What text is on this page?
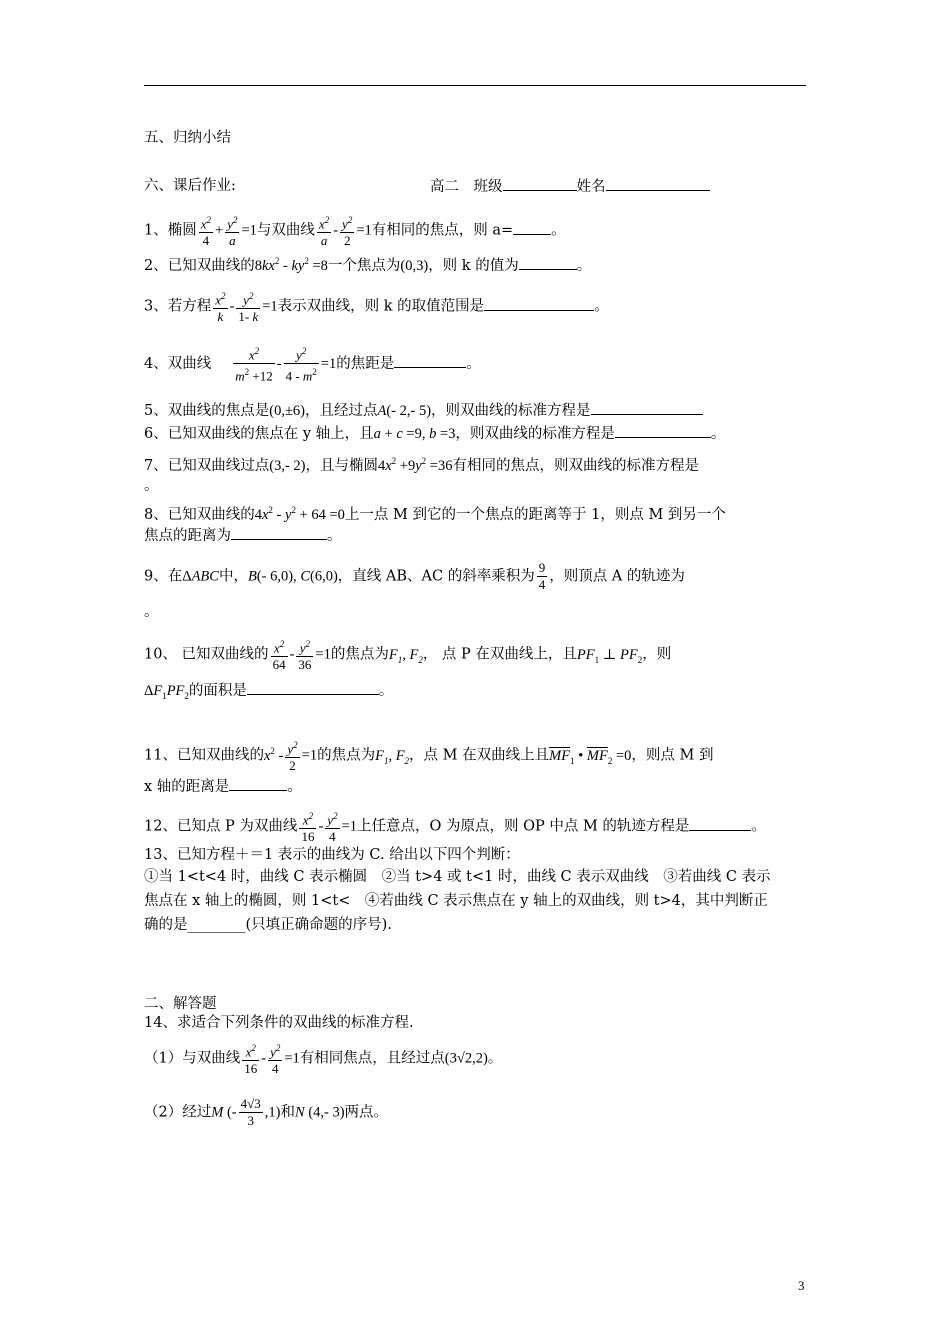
五、归纳小结
六、课后作业:	高二　班级	姓名
1、椭圆 $\frac{x^2}{4} + \frac{y^2}{a} =1$与双曲线 $\frac{x^2}{a} - \frac{y^2}{2} =1$有相同的焦点，则 a=	。
2、已知双曲线的$8kx^2 - ky^2 =8$一个焦点为(0,3)，则 k 的值为	。
3、若方程 $\frac{x^2}{k} - \frac{y^2}{1- k} =1$表示双曲线，则 k 的取值范围是	。
4、双曲线 $\frac{x^2}{m^2 +12} - \frac{y^2}{4 - m^2} =1$的焦距是	。
5、双曲线的焦点是(0,±6)，且经过点A(- 2,- 5)，则双曲线的标准方程是
6、已知双曲线的焦点在 y 轴上，且a + c =9, b =3，则双曲线的标准方程是	。
7、已知双曲线过点(3,- 2)，且与椭圆$4x^2 +9y^2 =36$有相同的焦点，则双曲线的标准方程是
。
8、已知双曲线的$4x^2 - y^2 + 64 =0$上一点 M 到它的一个焦点的距离等于 1，则点 M 到另一个
焦点的距离为	。
9、在ΔABC中，B(- 6,0), C(6,0)，直线 AB、AC 的斜率乘积为 $\frac{9}{4}$ ，则顶点 A 的轨迹为
。
10、 已知双曲线的 $\frac{x^2}{64} - \frac{y^2}{36} =1$的焦点为$F_1$, $F_2$， 点 P 在双曲线上，且$PF_1$ ⊥ $PF_2$，则
$\Delta F_1PF_2$的面积是	。
11、已知双曲线的$x^2 - \frac{y^2}{2} =1$的焦点为$F_1$, $F_2$，点 M 在双曲线上且$\overline{MF}_1$ • $\overline{MF}_2 =0$，则点 M 到
x 轴的距离是	。
12、已知点 P 为双曲线 $\frac{x^2}{16} - \frac{y^2}{4} =1$上任意点，O 为原点，则 OP 中点 M 的轨迹方程是	。
13、已知方程＋＝1 表示的曲线为 C. 给出以下四个判断：
①当 1<t<4 时，曲线 C 表示椭圆　②当 t>4 或 t<1 时，曲线 C 表示双曲线　③若曲线 C 表示
焦点在 x 轴上的椭圆，则 1<t<　④若曲线 C 表示焦点在 y 轴上的双曲线，则 t>4，其中判断正
确的是________(只填正确命题的序号).
二、解答题
14、求适合下列条件的双曲线的标准方程.
（1）与双曲线 $\frac{x^2}{16} - \frac{y^2}{4} =1$有相同焦点，且经过点(3√2,2)。
（2）经过M (- $\frac{4√3}{3} ,1$)和N (4,- 3)两点。
3
